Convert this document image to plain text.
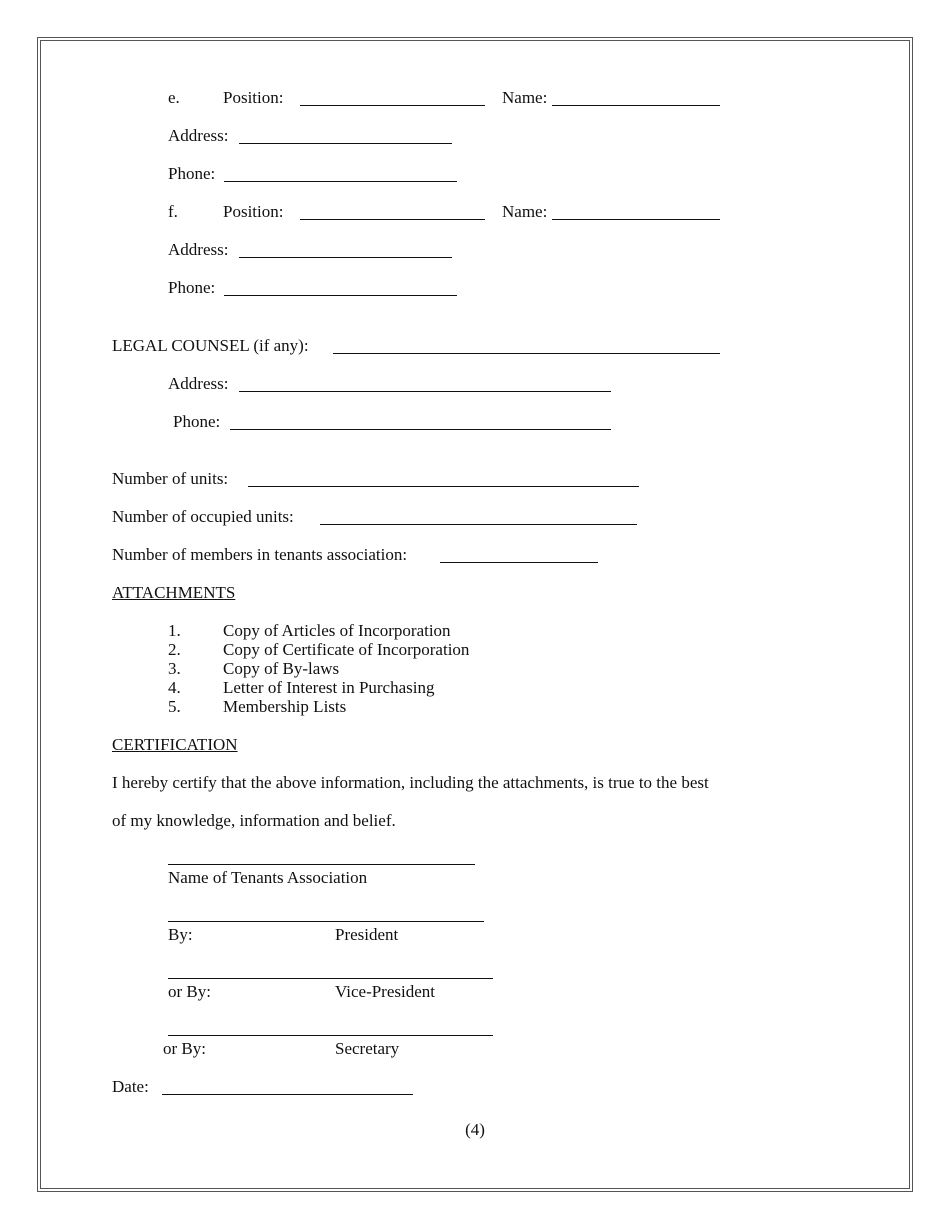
e.	Position:	Name:
Address:
Phone:
f.	Position:	Name:
Address:
Phone:
LEGAL COUNSEL (if any):
Address:
Phone:
Number of units:
Number of occupied units:
Number of members in tenants association:
ATTACHMENTS
1. Copy of Articles of Incorporation
2. Copy of Certificate of Incorporation
3. Copy of By-laws
4. Letter of Interest in Purchasing
5. Membership Lists
CERTIFICATION
I hereby certify that the above information, including the attachments, is true to the best
of my knowledge, information and belief.
Name of Tenants Association
By:	President
or By:	Vice-President
or By:	Secretary
Date:
(4)
